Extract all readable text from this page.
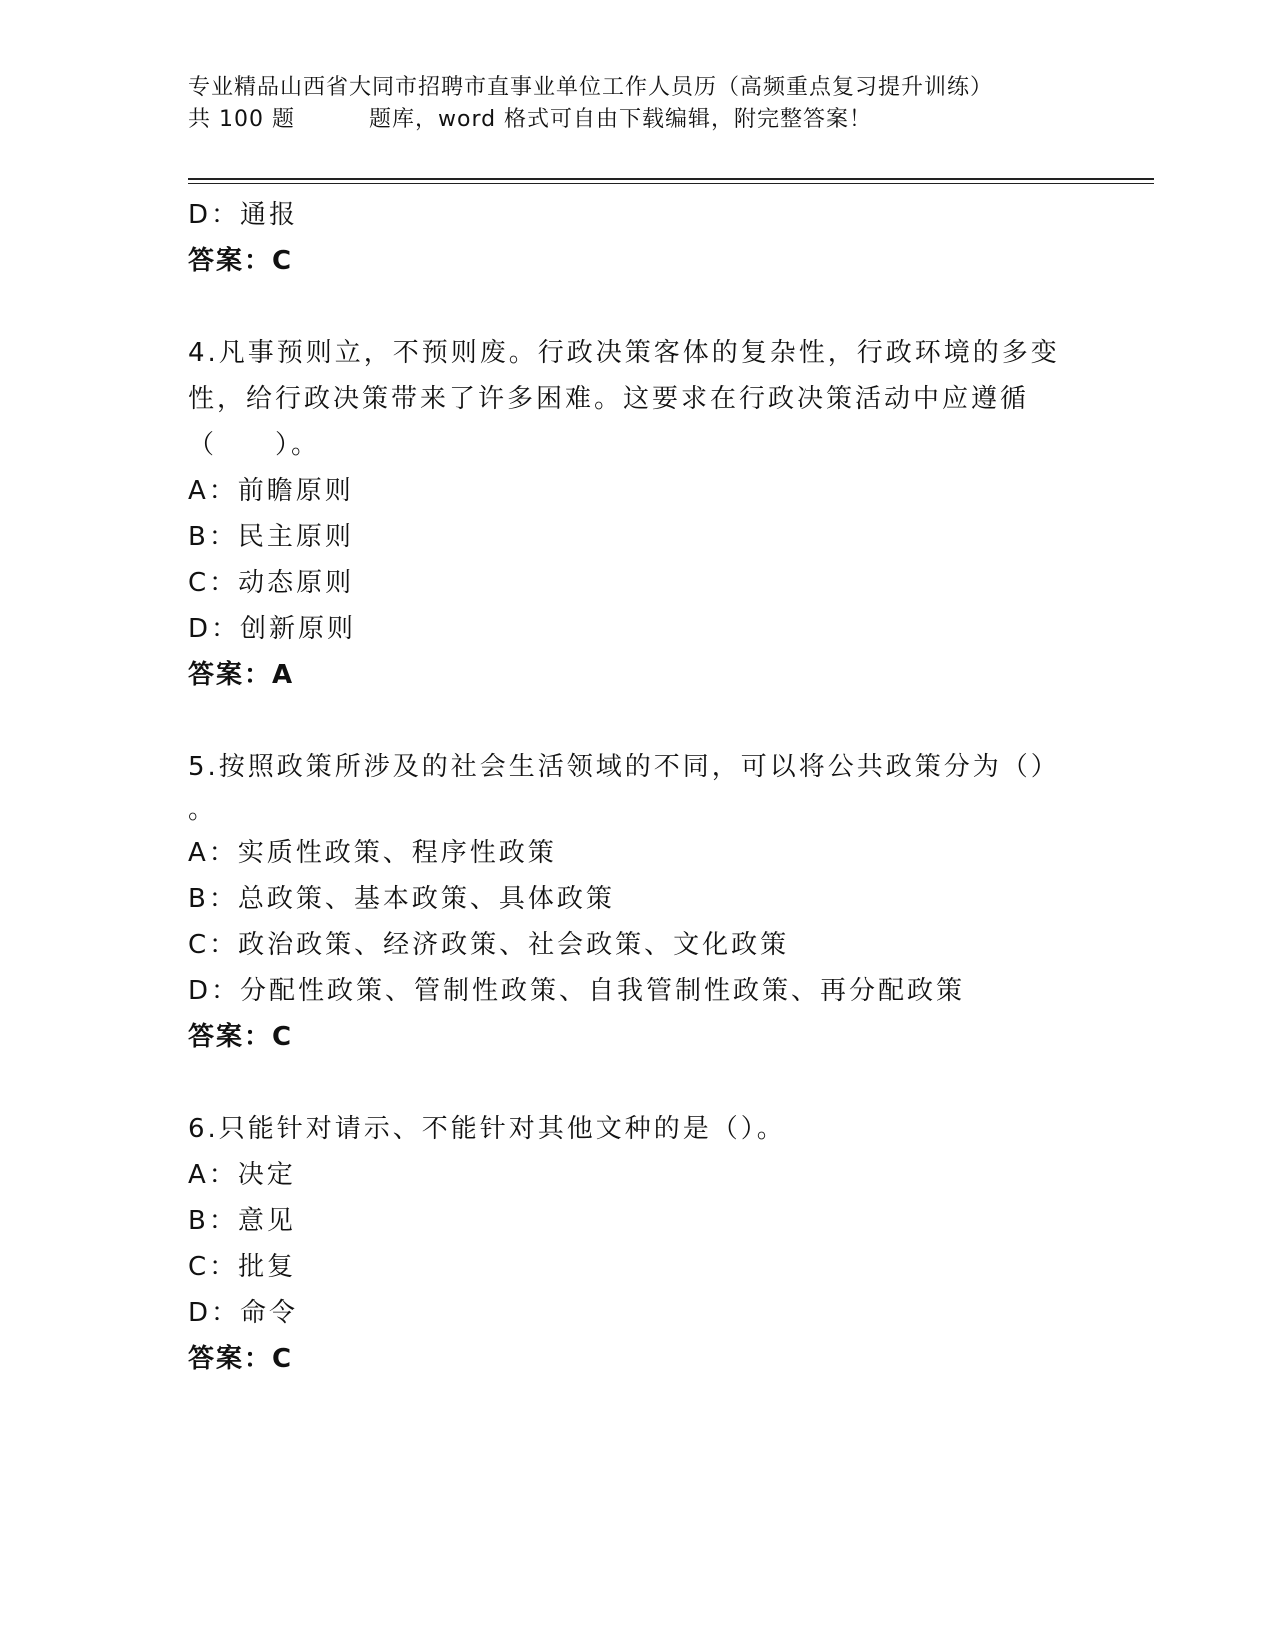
专业精品山西省大同市招聘市直事业单位工作人员历（高频重点复习提升训练）
共 100 题	题库，word 格式可自由下载编辑，附完整答案！
D：通报
答案：C
4.凡事预则立，不预则废。行政决策客体的复杂性，行政环境的多变
性，给行政决策带来了许多困难。这要求在行政决策活动中应遵循
（　　）。
A：前瞻原则
B：民主原则
C：动态原则
D：创新原则
答案：A
5.按照政策所涉及的社会生活领域的不同，可以将公共政策分为（）
。
A：实质性政策、程序性政策
B：总政策、基本政策、具体政策
C：政治政策、经济政策、社会政策、文化政策
D：分配性政策、管制性政策、自我管制性政策、再分配政策
答案：C
6.只能针对请示、不能针对其他文种的是（）。
A：决定
B：意见
C：批复
D：命令
答案：C
